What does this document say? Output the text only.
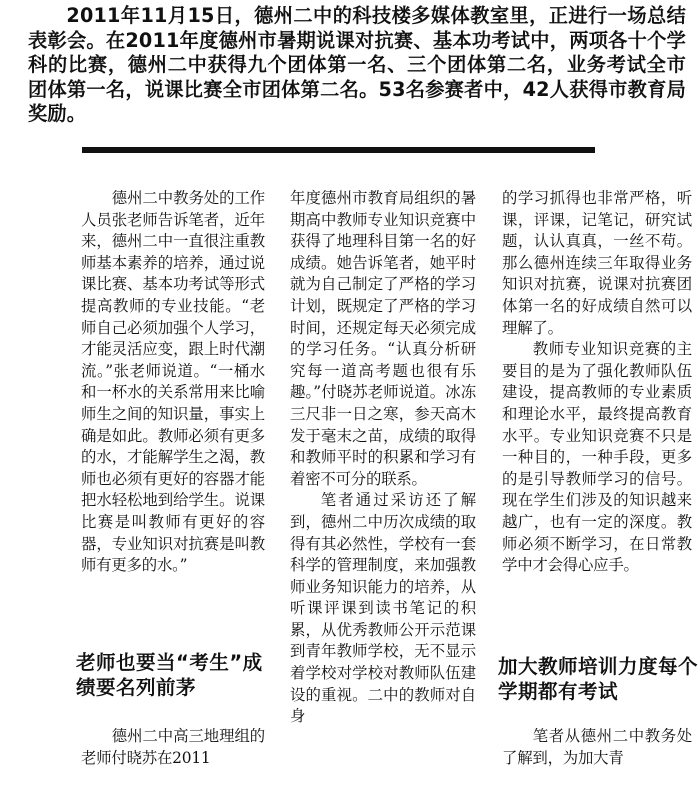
2011年11月15日，德州二中的科技楼多媒体教室里，正进行一场总结表彰会。在2011年度德州市暑期说课对抗赛、基本功考试中，两项各十个学科的比赛，德州二中获得九个团体第一名、三个团体第二名，业务考试全市团体第一名，说课比赛全市团体第二名。53名参赛者中，42人获得市教育局奖励。

德州二中教务处的工作人员张老师告诉笔者，近年来，德州二中一直很注重教师基本素养的培养，通过说课比赛、基本功考试等形式提高教师的专业技能。“老师自己必须加强个人学习，才能灵活应变，跟上时代潮流。”张老师说道。“一桶水和一杯水的关系常用来比喻师生之间的知识量，事实上确是如此。教师必须有更多的水，才能解学生之渴，教师也必须有更好的容器才能把水轻松地到给学生。说课比赛是叫教师有更好的容器，专业知识对抗赛是叫教师有更多的水。”

老师也要当“考生”成绩要名列前茅

德州二中高三地理组的老师付晓苏在2011

年度德州市教育局组织的暑期高中教师专业知识竞赛中获得了地理科目第一名的好成绩。她告诉笔者，她平时就为自己制定了严格的学习计划，既规定了严格的学习时间，还规定每天必须完成的学习任务。“认真分析研究每一道高考题也很有乐趣。”付晓苏老师说道。冰冻三尺非一日之寒，参天高木发于毫末之苗，成绩的取得和教师平时的积累和学习有着密不可分的联系。

笔者通过采访还了解到，德州二中历次成绩的取得有其必然性，学校有一套科学的管理制度，来加强教师业务知识能力的培养，从听课评课到读书笔记的积累，从优秀教师公开示范课到青年教师学校，无不显示着学校对学校对教师队伍建设的重视。二中的教师对自身

的学习抓得也非常严格，听课，评课，记笔记，研究试题，认认真真，一丝不苟。那么德州连续三年取得业务知识对抗赛，说课对抗赛团体第一名的好成绩自然可以理解了。

教师专业知识竞赛的主要目的是为了强化教师队伍建设，提高教师的专业素质和理论水平，最终提高教育水平。专业知识竞赛不只是一种目的，一种手段，更多的是引导教师学习的信号。现在学生们涉及的知识越来越广，也有一定的深度。教师必须不断学习，在日常教学中才会得心应手。

加大教师培训力度每个学期都有考试

笔者从德州二中教务处了解到，为加大青
